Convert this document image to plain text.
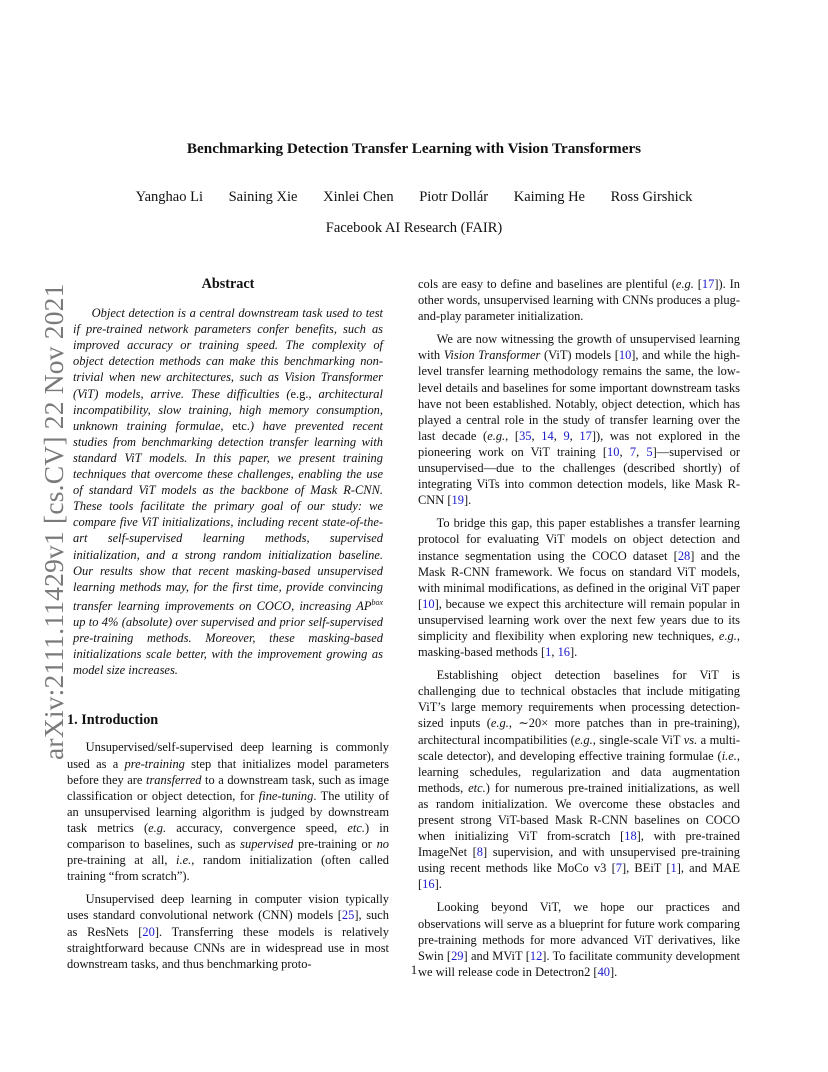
arXiv:2111.11429v1 [cs.CV] 22 Nov 2021
Benchmarking Detection Transfer Learning with Vision Transformers
Yanghao Li Saining Xie Xinlei Chen Piotr Dollár Kaiming He Ross Girshick
Facebook AI Research (FAIR)
Abstract

Object detection is a central downstream task used to test if pre-trained network parameters confer benefits, such as improved accuracy or training speed. The complexity of object detection methods can make this benchmarking non-trivial when new architectures, such as Vision Transformer (ViT) models, arrive. These difficulties (e.g., architectural incompatibility, slow training, high memory consumption, unknown training formulae, etc.) have prevented recent studies from benchmarking detection transfer learning with standard ViT models. In this paper, we present training techniques that overcome these challenges, enabling the use of standard ViT models as the backbone of Mask R-CNN. These tools facilitate the primary goal of our study: we compare five ViT initializations, including recent state-of-the-art self-supervised learning methods, supervised initialization, and a strong random initialization baseline. Our results show that recent masking-based unsupervised learning methods may, for the first time, provide convincing transfer learning improvements on COCO, increasing $AP^{box}$ up to 4% (absolute) over supervised and prior self-supervised pre-training methods. Moreover, these masking-based initializations scale better, with the improvement growing as model size increases.

1. Introduction

Unsupervised/self-supervised deep learning is commonly used as a pre-training step that initializes model parameters before they are transferred to a downstream task, such as image classification or object detection, for fine-tuning. The utility of an unsupervised learning algorithm is judged by downstream task metrics (e.g. accuracy, convergence speed, etc.) in comparison to baselines, such as supervised pre-training or no pre-training at all, i.e., random initialization (often called training “from scratch”).

Unsupervised deep learning in computer vision typically uses standard convolutional network (CNN) models [25], such as ResNets [20]. Transferring these models is relatively straightforward because CNNs are in widespread use in most downstream tasks, and thus benchmarking proto-

cols are easy to define and baselines are plentiful (e.g. [17]). In other words, unsupervised learning with CNNs produces a plug-and-play parameter initialization.

We are now witnessing the growth of unsupervised learning with Vision Transformer (ViT) models [10], and while the high-level transfer learning methodology remains the same, the low-level details and baselines for some important downstream tasks have not been established. Notably, object detection, which has played a central role in the study of transfer learning over the last decade (e.g., [35, 14, 9, 17]), was not explored in the pioneering work on ViT training [10, 7, 5]—supervised or unsupervised—due to the challenges (described shortly) of integrating ViTs into common detection models, like Mask R-CNN [19].

To bridge this gap, this paper establishes a transfer learning protocol for evaluating ViT models on object detection and instance segmentation using the COCO dataset [28] and the Mask R-CNN framework. We focus on standard ViT models, with minimal modifications, as defined in the original ViT paper [10], because we expect this architecture will remain popular in unsupervised learning work over the next few years due to its simplicity and flexibility when exploring new techniques, e.g., masking-based methods [1, 16].

Establishing object detection baselines for ViT is challenging due to technical obstacles that include mitigating ViT’s large memory requirements when processing detection-sized inputs (e.g., ∼20× more patches than in pre-training), architectural incompatibilities (e.g., single-scale ViT vs. a multi-scale detector), and developing effective training formulae (i.e., learning schedules, regularization and data augmentation methods, etc.) for numerous pre-trained initializations, as well as random initialization. We overcome these obstacles and present strong ViT-based Mask R-CNN baselines on COCO when initializing ViT from-scratch [18], with pre-trained ImageNet [8] supervision, and with unsupervised pre-training using recent methods like MoCo v3 [7], BEiT [1], and MAE [16].

Looking beyond ViT, we hope our practices and observations will serve as a blueprint for future work comparing pre-training methods for more advanced ViT derivatives, like Swin [29] and MViT [12]. To facilitate community development we will release code in Detectron2 [40].

1
